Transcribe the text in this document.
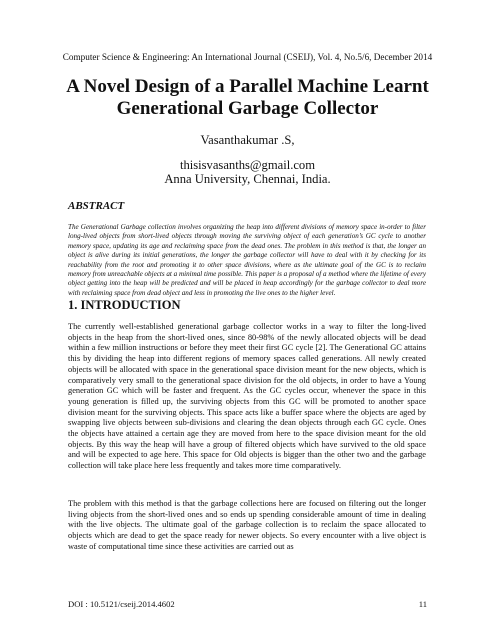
Computer Science & Engineering: An International Journal (CSEIJ), Vol. 4, No.5/6, December 2014
A Novel Design of a Parallel Machine Learnt
Generational Garbage Collector
Vasanthakumar .S,
thisisvasanths@gmail.com
Anna University, Chennai, India.
ABSTRACT
The Generational Garbage collection involves organizing the heap into different divisions of memory space in-order to filter long-lived objects from short-lived objects through moving the surviving object of each generation’s GC cycle to another memory space, updating its age and reclaiming space from the dead ones. The problem in this method is that, the longer an object is alive during its initial generations, the longer the garbage collector will have to deal with it by checking for its reachability from the root and promoting it to other space divisions, where as the ultimate goal of the GC is to reclaim memory from unreachable objects at a minimal time possible. This paper is a proposal of a method where the lifetime of every object getting into the heap will be predicted and will be placed in heap accordingly for the garbage collector to deal more with reclaiming space from dead object and less in promoting the live ones to the higher level.
1. INTRODUCTION
The currently well-established generational garbage collector works in a way to filter the long-lived objects in the heap from the short-lived ones, since 80-98% of the newly allocated objects will be dead within a few million instructions or before they meet their first GC cycle [2]. The Generational GC attains this by dividing the heap into different regions of memory spaces called generations. All newly created objects will be allocated with space in the generational space division meant for the new objects, which is comparatively very small to the generational space division for the old objects, in order to have a Young generation GC which will be faster and frequent. As the GC cycles occur, whenever the space in this young generation is filled up, the surviving objects from this GC will be promoted to another space division meant for the surviving objects. This space acts like a buffer space where the objects are aged by swapping live objects between sub-divisions and clearing the dean objects through each GC cycle. Ones the objects have attained a certain age they are moved from here to the space division meant for the old objects. By this way the heap will have a group of filtered objects which have survived to the old space and will be expected to age here. This space for Old objects is bigger than the other two and the garbage collection will take place here less frequently and takes more time comparatively.
The problem with this method is that the garbage collections here are focused on filtering out the longer living objects from the short-lived ones and so ends up spending considerable amount of time in dealing with the live objects. The ultimate goal of the garbage collection is to reclaim the space allocated to objects which are dead to get the space ready for newer objects. So every encounter with a live object is waste of computational time since these activities are carried out as
DOI : 10.5121/cseij.2014.4602	11
